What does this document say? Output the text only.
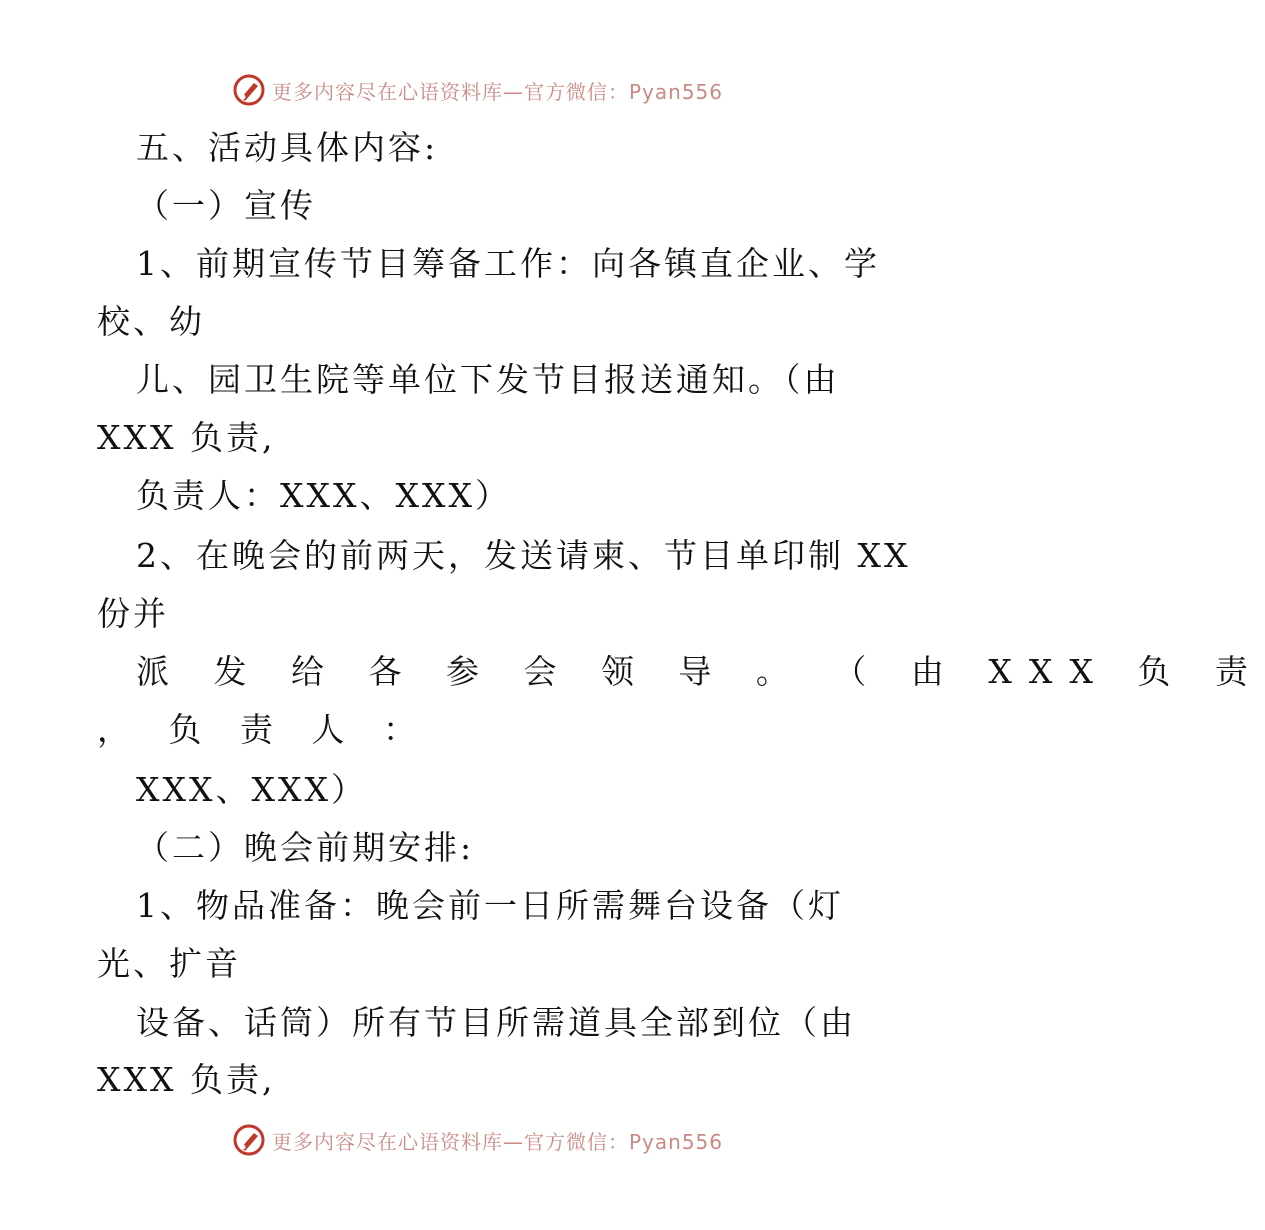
更多内容尽在心语资料库—官方微信：Pyan556
五、活动具体内容:
（一）宣传
1、前期宣传节目筹备工作：向各镇直企业、学
校、幼
儿、园卫生院等单位下发节目报送通知。（由
XXX 负责,
负责人：XXX、XXX）
2、在晚会的前两天，发送请柬、节目单印制 XX
份并
派 发 给 各 参 会 领 导 。 （ 由 XXX 负 责
， 负 责 人 ：
XXX、XXX）
（二）晚会前期安排:
1、物品准备：晚会前一日所需舞台设备（灯
光、扩音
设备、话筒）所有节目所需道具全部到位（由
XXX 负责,
更多内容尽在心语资料库—官方微信：Pyan556
